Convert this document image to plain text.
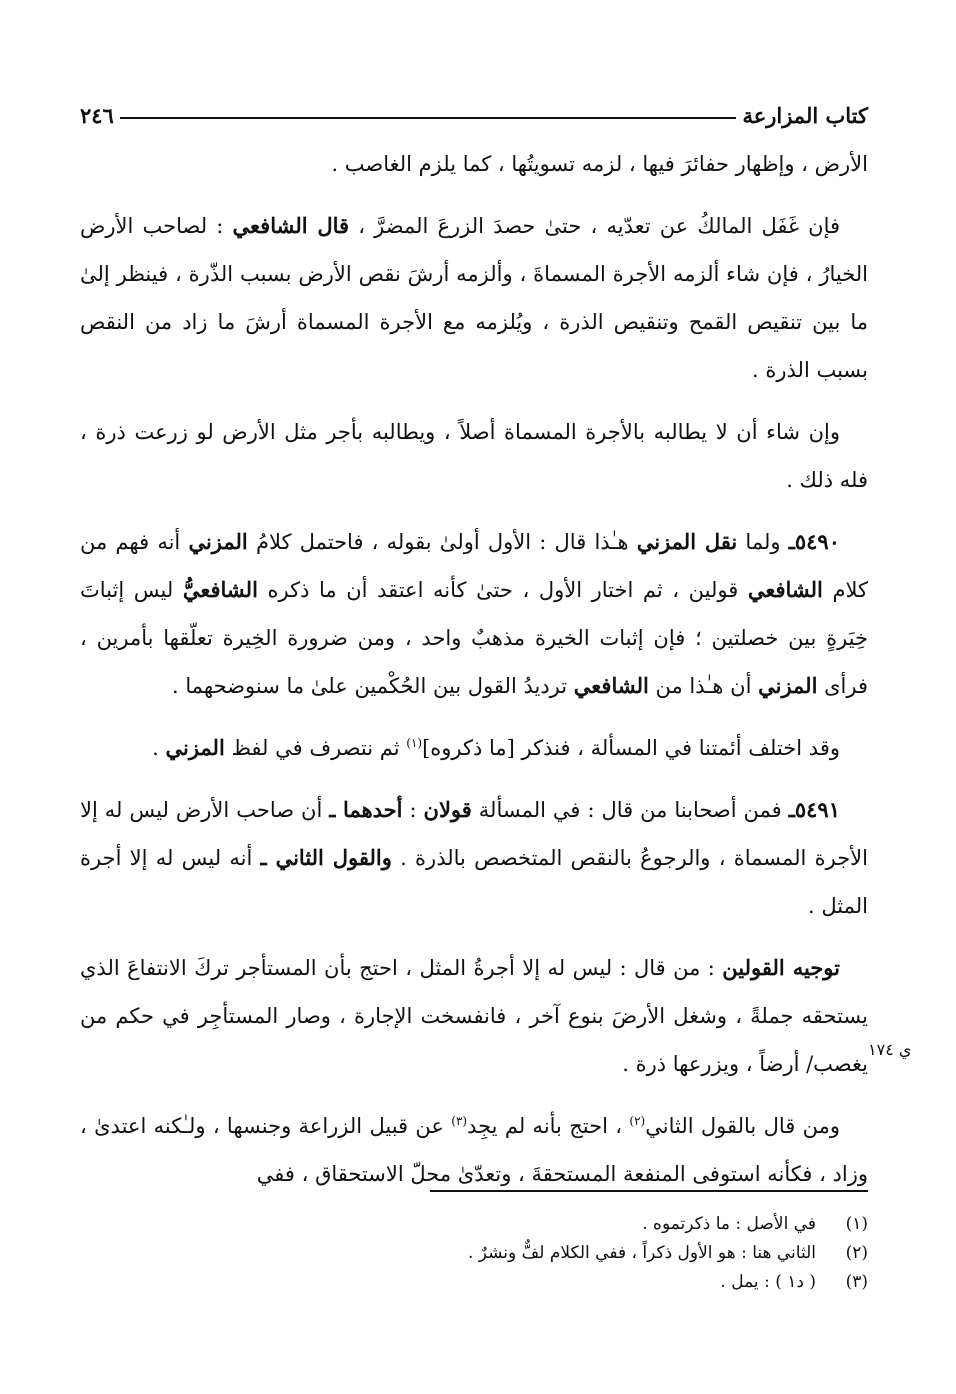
كتاب المزارعة
٢٤٦

الأرض ، وإظهار حفائرَ فيها ، لزمه تسويتُها ، كما يلزم الغاصب .

فإن غَفَل المالكُ عن تعدّيه ، حتىٰ حصدَ الزرعَ المضرَّ ، قال الشافعي : لصاحب الأرض الخيارُ ، فإن شاء ألزمه الأجرة المسماةَ ، وألزمه أرشَ نقص الأرض بسبب الذّرة ، فينظر إلىٰ ما بين تنقيص القمح وتنقيص الذرة ، ويُلزمه مع الأجرة المسماة أرشَ ما زاد من النقص بسبب الذرة .

وإن شاء أن لا يطالبه بالأجرة المسماة أصلاً ، ويطالبه بأجر مثل الأرض لو زرعت ذرة ، فله ذلك .

٥٤٩٠ـ ولما نقل المزني هـٰذا قال : الأول أولىٰ بقوله ، فاحتمل كلامُ المزني أنه فهم من كلام الشافعي قولين ، ثم اختار الأول ، حتىٰ كأنه اعتقد أن ما ذكره الشافعيُّ ليس إثباتَ خِيَرةٍ بين خصلتين ؛ فإن إثبات الخيرة مذهبٌ واحد ، ومن ضرورة الخِيرة تعلّقها بأمرين ، فرأى المزني أن هـٰذا من الشافعي ترديدُ القول بين الحُكْمين علىٰ ما سنوضحهما .

وقد اختلف أئمتنا في المسألة ، فنذكر [ما ذكروه]$^{(١)}$ ثم نتصرف في لفظ المزني .

٥٤٩١ـ فمن أصحابنا من قال : في المسألة قولان : أحدهما ـ أن صاحب الأرض ليس له إلا الأجرة المسماة ، والرجوعُ بالنقص المتخصص بالذرة . والقول الثاني ـ أنه ليس له إلا أجرة المثل .

توجيه القولين : من قال : ليس له إلا أجرةُ المثل ، احتج بأن المستأجر تركَ الانتفاعَ الذي يستحقه جملةً ، وشغل الأرضَ بنوع آخر ، فانفسخت الإجارة ، وصار المستأجِر في حكم من يغصب/ أرضاً ، ويزرعها ذرة .

ومن قال بالقول الثاني$^{(٢)}$ ، احتج بأنه لم يجِد$^{(٣)}$ عن قبيل الزراعة وجنسها ، ولـٰكنه اعتدىٰ ، وزاد ، فكأنه استوفى المنفعة المستحقةَ ، وتعدّىٰ محلّ الاستحقاق ، ففي

ي ١٧٤
(١)
في الأصل : ما ذكرتموه .
(٢)
الثاني هنا : هو الأول ذكراً ، ففي الكلام لفٌّ ونشرٌ .
(٣)
( د١ ) : يمل .
